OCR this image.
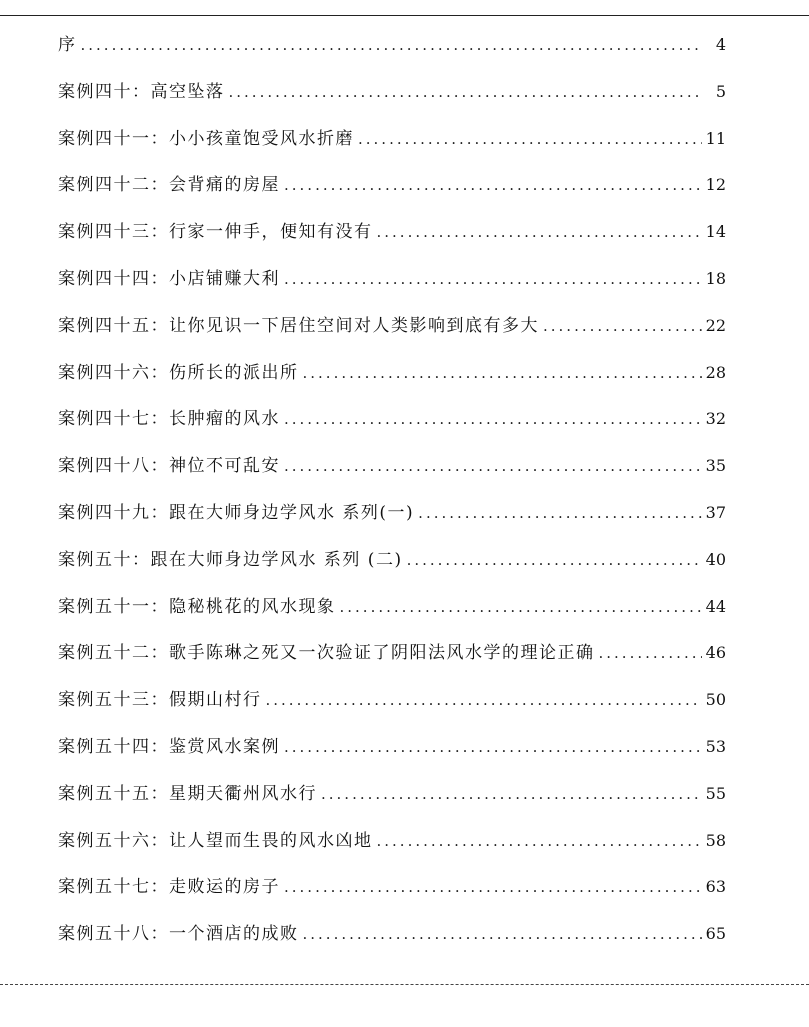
序 .....	4
案例四十：高空坠落 .....	5
案例四十一：小小孩童饱受风水折磨 .....	11
案例四十二：会背痛的房屋 .....	12
案例四十三：行家一伸手，便知有没有 .....	14
案例四十四：小店铺赚大利 .....	18
案例四十五：让你见识一下居住空间对人类影响到底有多大 .....	22
案例四十六：伤所长的派出所 .....	28
案例四十七：长肿瘤的风水 .....	32
案例四十八：神位不可乱安 .....	35
案例四十九：跟在大师身边学风水 系列(一) .....	37
案例五十：跟在大师身边学风水 系列 (二) .....	40
案例五十一：隐秘桃花的风水现象 .....	44
案例五十二：歌手陈琳之死又一次验证了阴阳法风水学的理论正确 .....	46
案例五十三：假期山村行 .....	50
案例五十四：鉴赏风水案例 .....	53
案例五十五：星期天衢州风水行 .....	55
案例五十六：让人望而生畏的风水凶地 .....	58
案例五十七：走败运的房子 .....	63
案例五十八：一个酒店的成败 .....	65
